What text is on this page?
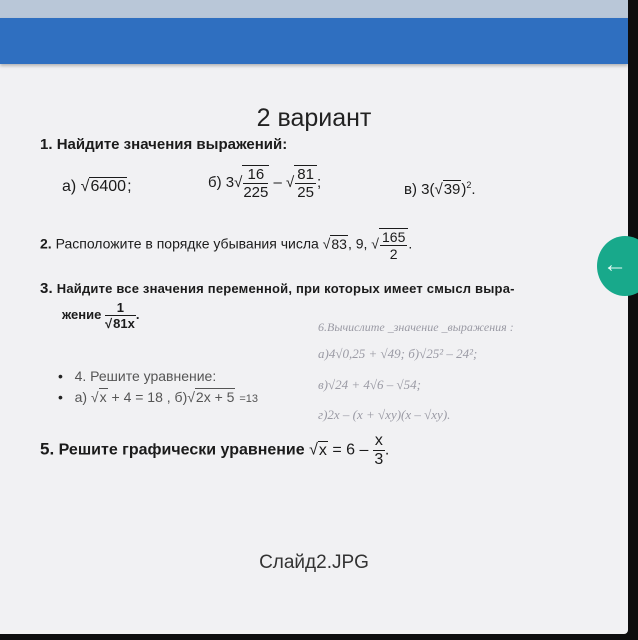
2 вариант
1. Найдите значения выражений:
а) √6400;	б) $3√ \frac{16}{225}$ – √ $\frac{81}{25}$ ;	в) $3(√39)^2$.
2. Расположите в порядке убывания числа √83, 9, √ $\frac{165}{2}$ .
3. Найдите все значения переменной, при которых имеет смысл выра-
жение $\frac{1}{√81x}$ .
• 4. Решите уравнение:
• а) √x + 4 = 18 , б)√2x + 5 =13
6.Вычислите _значение _выражения :
а)4√0,25 + √49; б)√25² – 24²;
в)√24 + 4√6 – √54;
г)2x – (x + √xy)(x – √xy).
5. Решите графически уравнение $√x = 6 - \frac{x}{3}$ .
Слайд2.JPG
←
